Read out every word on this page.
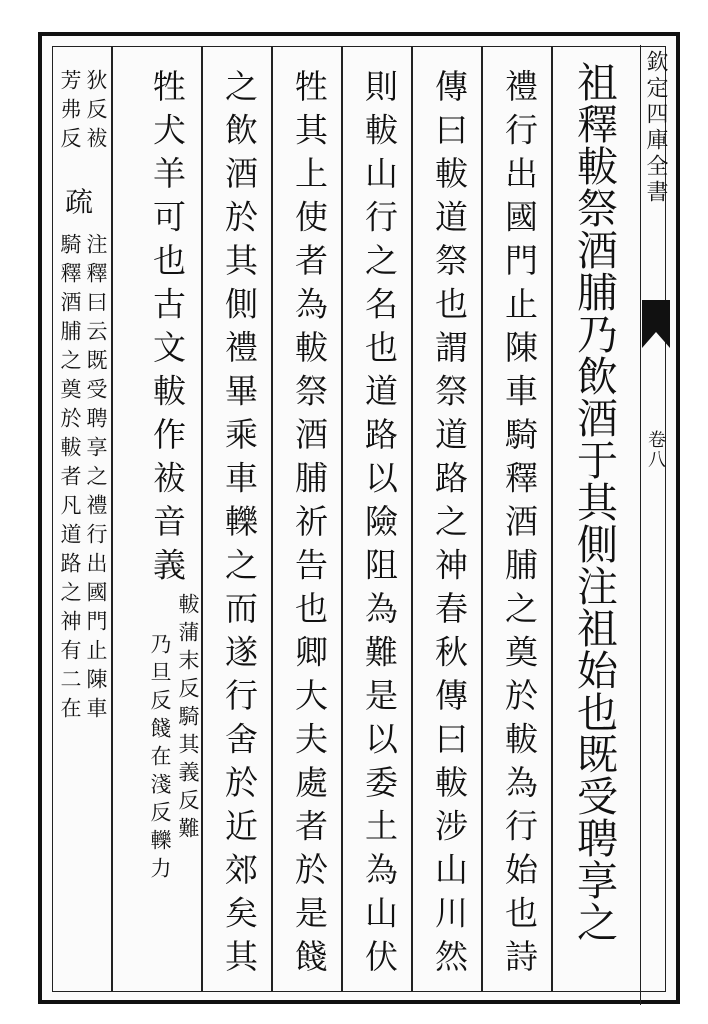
祖釋軷祭酒脯乃飲酒于其側注祖始也既受聘享之
禮行出國門止陳車騎釋酒脯之奠於軷為行始也詩
傳曰軷道祭也謂祭道路之神春秋傳曰軷涉山川然
則軷山行之名也道路以險阻為難是以委土為山伏
牲其上使者為軷祭酒脯祈告也卿大夫處者於是餞
之飲酒於其側禮畢乘車轢之而遂行舍於近郊矣其
牲犬羊可也古文軷作袚音義
軷蒲末反騎其義反難
乃旦反餞在淺反轢力
狄反袚
芳弗反
疏
注釋曰云既受聘享之禮行出國門止陳車
騎釋酒脯之奠於軷者凡道路之神有二在
欽定四庫全書
卷八
